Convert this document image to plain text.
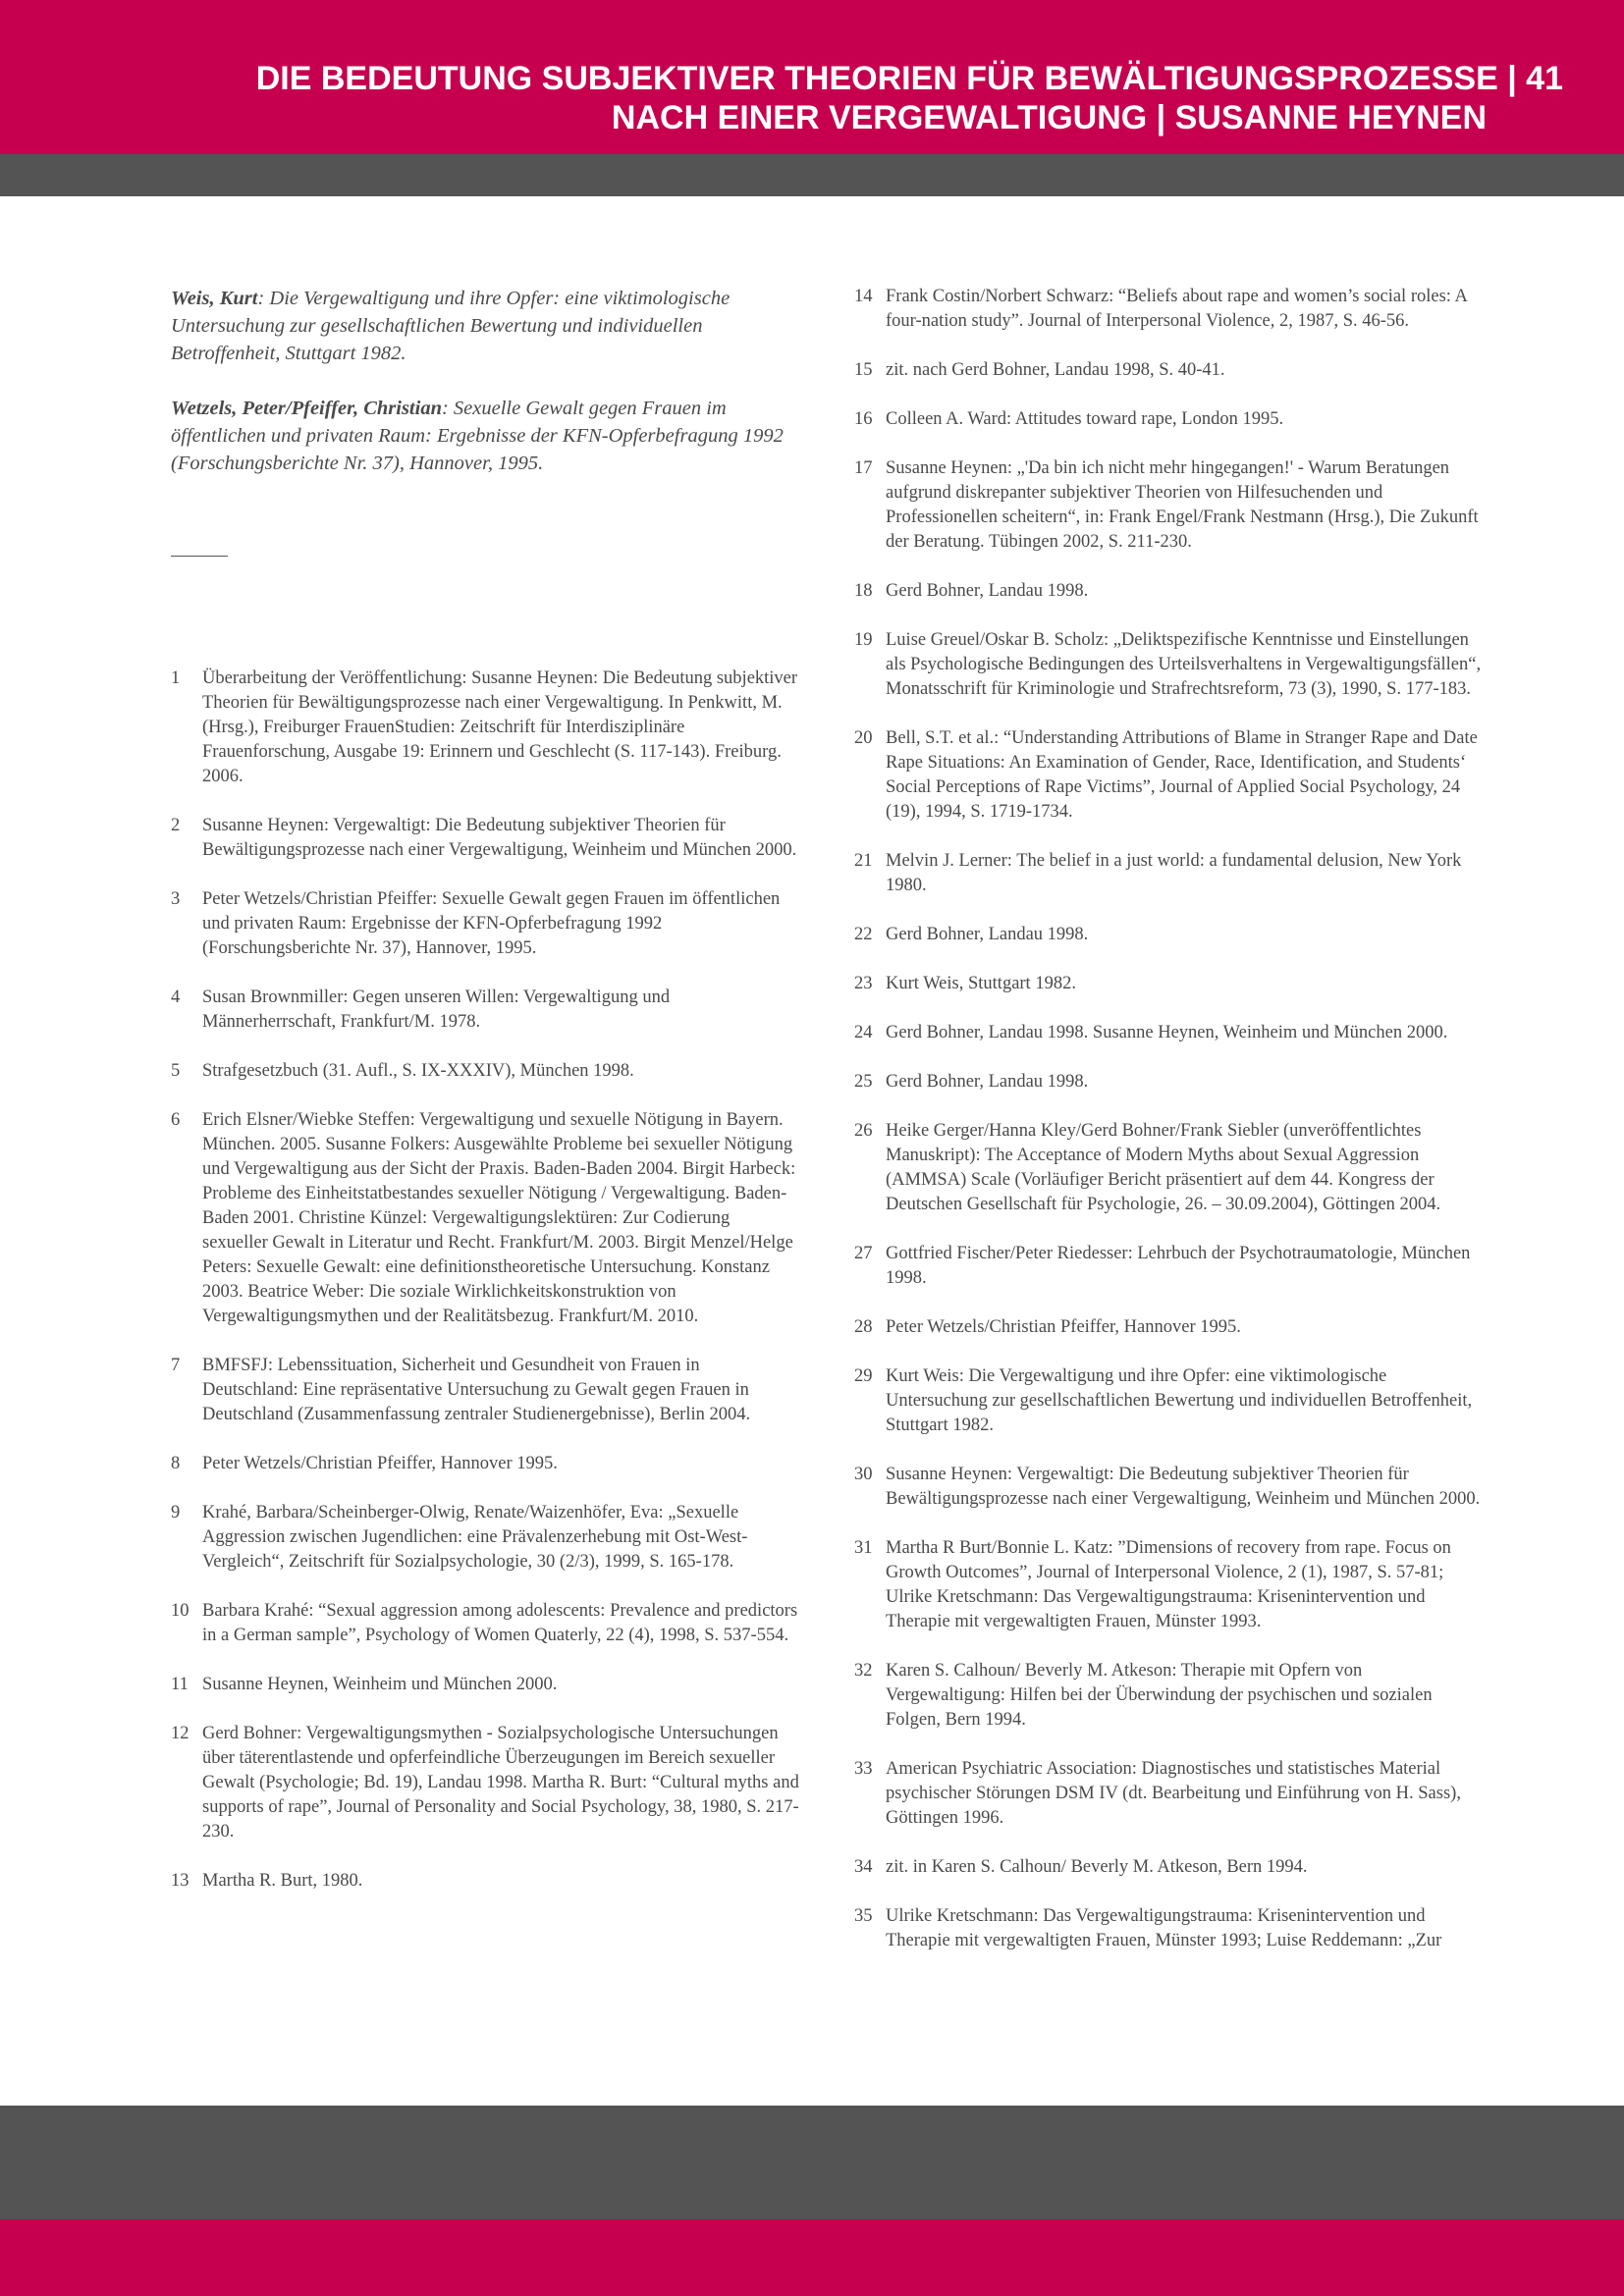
DIE BEDEUTUNG SUBJEKTIVER THEORIEN FÜR BEWÄLTIGUNGSPROZESSE | 41
NACH EINER VERGEWALTIGUNG | SUSANNE HEYNEN
Weis, Kurt: Die Vergewaltigung und ihre Opfer: eine viktimologische Untersuchung zur gesellschaftlichen Bewertung und individuellen Betroffenheit, Stuttgart 1982.
Wetzels, Peter/Pfeiffer, Christian: Sexuelle Gewalt gegen Frauen im öffentlichen und privaten Raum: Ergebnisse der KFN-Opferbefragung 1992 (Forschungsberichte Nr. 37), Hannover, 1995.
1	Überarbeitung der Veröffentlichung: Susanne Heynen: Die Bedeutung subjektiver Theorien für Bewältigungsprozesse nach einer Vergewaltigung. In Penkwitt, M. (Hrsg.), Freiburger FrauenStudien: Zeitschrift für Interdisziplinäre Frauenforschung, Ausgabe 19: Erinnern und Geschlecht (S. 117-143). Freiburg. 2006.
2	Susanne Heynen: Vergewaltigt: Die Bedeutung subjektiver Theorien für Bewältigungsprozesse nach einer Vergewaltigung, Weinheim und München 2000.
3	Peter Wetzels/Christian Pfeiffer: Sexuelle Gewalt gegen Frauen im öffentlichen und privaten Raum: Ergebnisse der KFN-Opferbefragung 1992 (Forschungsberichte Nr. 37), Hannover, 1995.
4	Susan Brownmiller: Gegen unseren Willen: Vergewaltigung und Männerherrschaft, Frankfurt/M. 1978.
5	Strafgesetzbuch (31. Aufl., S. IX-XXXIV), München 1998.
6	Erich Elsner/Wiebke Steffen: Vergewaltigung und sexuelle Nötigung in Bayern. München. 2005. Susanne Folkers: Ausgewählte Probleme bei sexueller Nötigung und Vergewaltigung aus der Sicht der Praxis. Baden-Baden 2004. Birgit Harbeck: Probleme des Einheitstatbestandes sexueller Nötigung / Vergewaltigung. Baden-Baden 2001. Christine Künzel: Vergewaltigungslektüren: Zur Codierung sexueller Gewalt in Literatur und Recht. Frankfurt/M. 2003. Birgit Menzel/Helge Peters: Sexuelle Gewalt: eine definitionstheoretische Untersuchung. Konstanz 2003. Beatrice Weber: Die soziale Wirklichkeitskonstruktion von Vergewaltigungsmythen und der Realitätsbezug. Frankfurt/M. 2010.
7	BMFSFJ: Lebenssituation, Sicherheit und Gesundheit von Frauen in Deutschland: Eine repräsentative Untersuchung zu Gewalt gegen Frauen in Deutschland (Zusammenfassung zentraler Studienergebnisse), Berlin 2004.
8	Peter Wetzels/Christian Pfeiffer, Hannover 1995.
9	Krahé, Barbara/Scheinberger-Olwig, Renate/Waizenhöfer, Eva: „Sexuelle Aggression zwischen Jugendlichen: eine Prävalenzerhebung mit Ost-West-Vergleich“, Zeitschrift für Sozialpsychologie, 30 (2/3), 1999, S. 165-178.
10 Barbara Krahé: “Sexual aggression among adolescents: Prevalence and predictors in a German sample”, Psychology of Women Quaterly, 22 (4), 1998, S. 537-554.
11 Susanne Heynen, Weinheim und München 2000.
12 Gerd Bohner: Vergewaltigungsmythen - Sozialpsychologische Untersuchungen über täterentlastende und opferfeindliche Überzeugungen im Bereich sexueller Gewalt (Psychologie; Bd. 19), Landau 1998. Martha R. Burt: “Cultural myths and supports of rape”, Journal of Personality and Social Psychology, 38, 1980, S. 217-230.
13 Martha R. Burt, 1980.
14 Frank Costin/Norbert Schwarz: “Beliefs about rape and women’s social roles: A four-nation study”. Journal of Interpersonal Violence, 2, 1987, S. 46-56.
15 zit. nach Gerd Bohner, Landau 1998, S. 40-41.
16 Colleen A. Ward: Attitudes toward rape, London 1995.
17 Susanne Heynen: „'Da bin ich nicht mehr hingegangen!' - Warum Beratungen aufgrund diskrepanter subjektiver Theorien von Hilfesuchenden und Professionellen scheitern“, in: Frank Engel/Frank Nestmann (Hrsg.), Die Zukunft der Beratung. Tübingen 2002, S. 211-230.
18 Gerd Bohner, Landau 1998.
19 Luise Greuel/Oskar B. Scholz: „Deliktspezifische Kenntnisse und Einstellungen als Psychologische Bedingungen des Urteilsverhaltens in Vergewaltigungsfällen“, Monatsschrift für Kriminologie und Strafrechtsreform, 73 (3), 1990, S. 177-183.
20 Bell, S.T. et al.: “Understanding Attributions of Blame in Stranger Rape and Date Rape Situations: An Examination of Gender, Race, Identification, and Students‘ Social Perceptions of Rape Victims”, Journal of Applied Social Psychology, 24 (19), 1994, S. 1719-1734.
21 Melvin J. Lerner: The belief in a just world: a fundamental delusion, New York 1980.
22 Gerd Bohner, Landau 1998.
23 Kurt Weis, Stuttgart 1982.
24 Gerd Bohner, Landau 1998. Susanne Heynen, Weinheim und München 2000.
25 Gerd Bohner, Landau 1998.
26 Heike Gerger/Hanna Kley/Gerd Bohner/Frank Siebler (unveröffentlichtes Manuskript): The Acceptance of Modern Myths about Sexual Aggression (AMMSA) Scale (Vorläufiger Bericht präsentiert auf dem 44. Kongress der Deutschen Gesellschaft für Psychologie, 26. – 30.09.2004), Göttingen 2004.
27 Gottfried Fischer/Peter Riedesser: Lehrbuch der Psychotraumatologie, München 1998.
28 Peter Wetzels/Christian Pfeiffer, Hannover 1995.
29 Kurt Weis: Die Vergewaltigung und ihre Opfer: eine viktimologische Untersuchung zur gesellschaftlichen Bewertung und individuellen Betroffenheit, Stuttgart 1982.
30 Susanne Heynen: Vergewaltigt: Die Bedeutung subjektiver Theorien für Bewältigungsprozesse nach einer Vergewaltigung, Weinheim und München 2000.
31 Martha R Burt/Bonnie L. Katz: ”Dimensions of recovery from rape. Focus on Growth Outcomes”, Journal of Interpersonal Violence, 2 (1), 1987, S. 57-81; Ulrike Kretschmann: Das Vergewaltigungstrauma: Krisenintervention und Therapie mit vergewaltigten Frauen, Münster 1993.
32 Karen S. Calhoun/ Beverly M. Atkeson: Therapie mit Opfern von Vergewaltigung: Hilfen bei der Überwindung der psychischen und sozialen Folgen, Bern 1994.
33 American Psychiatric Association: Diagnostisches und statistisches Material psychischer Störungen DSM IV (dt. Bearbeitung und Einführung von H. Sass), Göttingen 1996.
34 zit. in Karen S. Calhoun/ Beverly M. Atkeson, Bern 1994.
35 Ulrike Kretschmann: Das Vergewaltigungstrauma: Krisenintervention und Therapie mit vergewaltigten Frauen, Münster 1993; Luise Reddemann: „Zur
